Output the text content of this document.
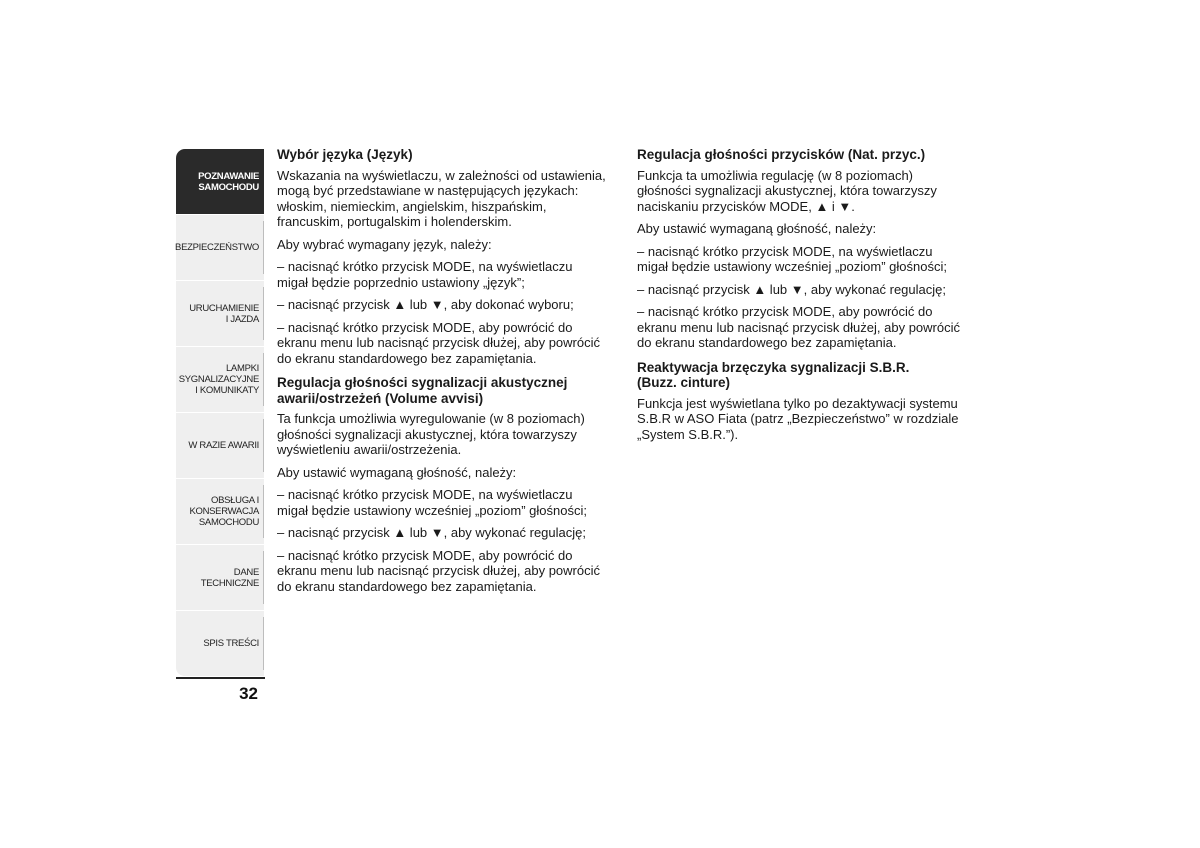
POZNAWANIE
SAMOCHODU
BEZPIECZEŃSTWO
URUCHAMIENIE
I JAZDA
LAMPKI
SYGNALIZACYJNE
I KOMUNIKATY
W RAZIE AWARII
OBSŁUGA I
KONSERWACJA
SAMOCHODU
DANE TECHNICZNE
SPIS TREŚCI
32
Wybór języka (Język)

Wskazania na wyświetlaczu, w zależności od ustawienia,
mogą być przedstawiane w następujących językach:
włoskim, niemieckim, angielskim, hiszpańskim,
francuskim, portugalskim i holenderskim.

Aby wybrać wymagany język, należy:

– nacisnąć krótko przycisk MODE, na wyświetlaczu
migał będzie poprzednio ustawiony „język”;

– nacisnąć przycisk ▲ lub ▼, aby dokonać wyboru;

– nacisnąć krótko przycisk MODE, aby powrócić do
ekranu menu lub nacisnąć przycisk dłużej, aby powrócić
do ekranu standardowego bez zapamiętania.

Regulacja głośności sygnalizacji akustycznej
awarii/ostrzeżeń (Volume avvisi)

Ta funkcja umożliwia wyregulowanie (w 8 poziomach)
głośności sygnalizacji akustycznej, która towarzyszy
wyświetleniu awarii/ostrzeżenia.

Aby ustawić wymaganą głośność, należy:

– nacisnąć krótko przycisk MODE, na wyświetlaczu
migał będzie ustawiony wcześniej „poziom” głośności;

– nacisnąć przycisk ▲ lub ▼, aby wykonać regulację;

– nacisnąć krótko przycisk MODE, aby powrócić do
ekranu menu lub nacisnąć przycisk dłużej, aby powrócić
do ekranu standardowego bez zapamiętania.

Regulacja głośności przycisków (Nat. przyc.)

Funkcja ta umożliwia regulację (w 8 poziomach)
głośności sygnalizacji akustycznej, która towarzyszy
naciskaniu przycisków MODE, ▲ i ▼.

Aby ustawić wymaganą głośność, należy:

– nacisnąć krótko przycisk MODE, na wyświetlaczu
migał będzie ustawiony wcześniej „poziom” głośności;

– nacisnąć przycisk ▲ lub ▼, aby wykonać regulację;

– nacisnąć krótko przycisk MODE, aby powrócić do
ekranu menu lub nacisnąć przycisk dłużej, aby powrócić
do ekranu standardowego bez zapamiętania.

Reaktywacja brzęczyka sygnalizacji S.B.R.
(Buzz. cinture)

Funkcja jest wyświetlana tylko po dezaktywacji systemu
S.B.R w ASO Fiata (patrz „Bezpieczeństwo” w rozdziale
„System S.B.R.”).
